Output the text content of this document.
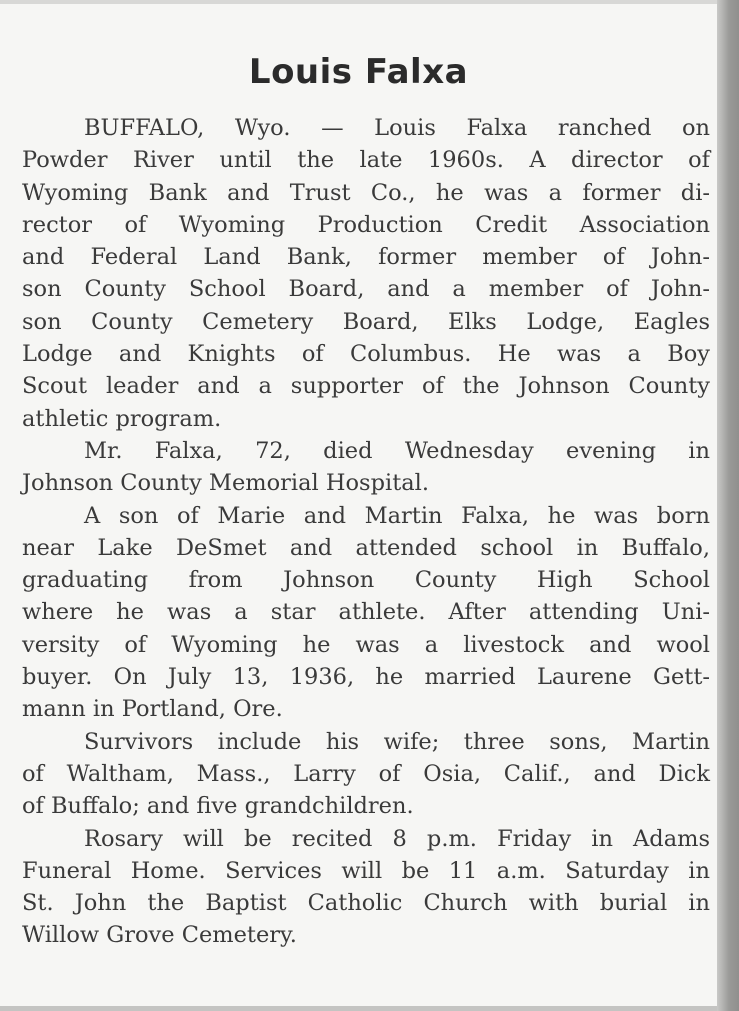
Louis Falxa
BUFFALO, Wyo. — Louis Falxa ranched on
Powder River until the late 1960s. A director of
Wyoming Bank and Trust Co., he was a former di-
rector of Wyoming Production Credit Association
and Federal Land Bank, former member of John-
son County School Board, and a member of John-
son County Cemetery Board, Elks Lodge, Eagles
Lodge and Knights of Columbus. He was a Boy
Scout leader and a supporter of the Johnson County
athletic program.
Mr. Falxa, 72, died Wednesday evening in
Johnson County Memorial Hospital.
A son of Marie and Martin Falxa, he was born
near Lake DeSmet and attended school in Buffalo,
graduating from Johnson County High School
where he was a star athlete. After attending Uni-
versity of Wyoming he was a livestock and wool
buyer. On July 13, 1936, he married Laurene Gett-
mann in Portland, Ore.
Survivors include his wife; three sons, Martin
of Waltham, Mass., Larry of Osia, Calif., and Dick
of Buffalo; and five grandchildren.
Rosary will be recited 8 p.m. Friday in Adams
Funeral Home. Services will be 11 a.m. Saturday in
St. John the Baptist Catholic Church with burial in
Willow Grove Cemetery.
